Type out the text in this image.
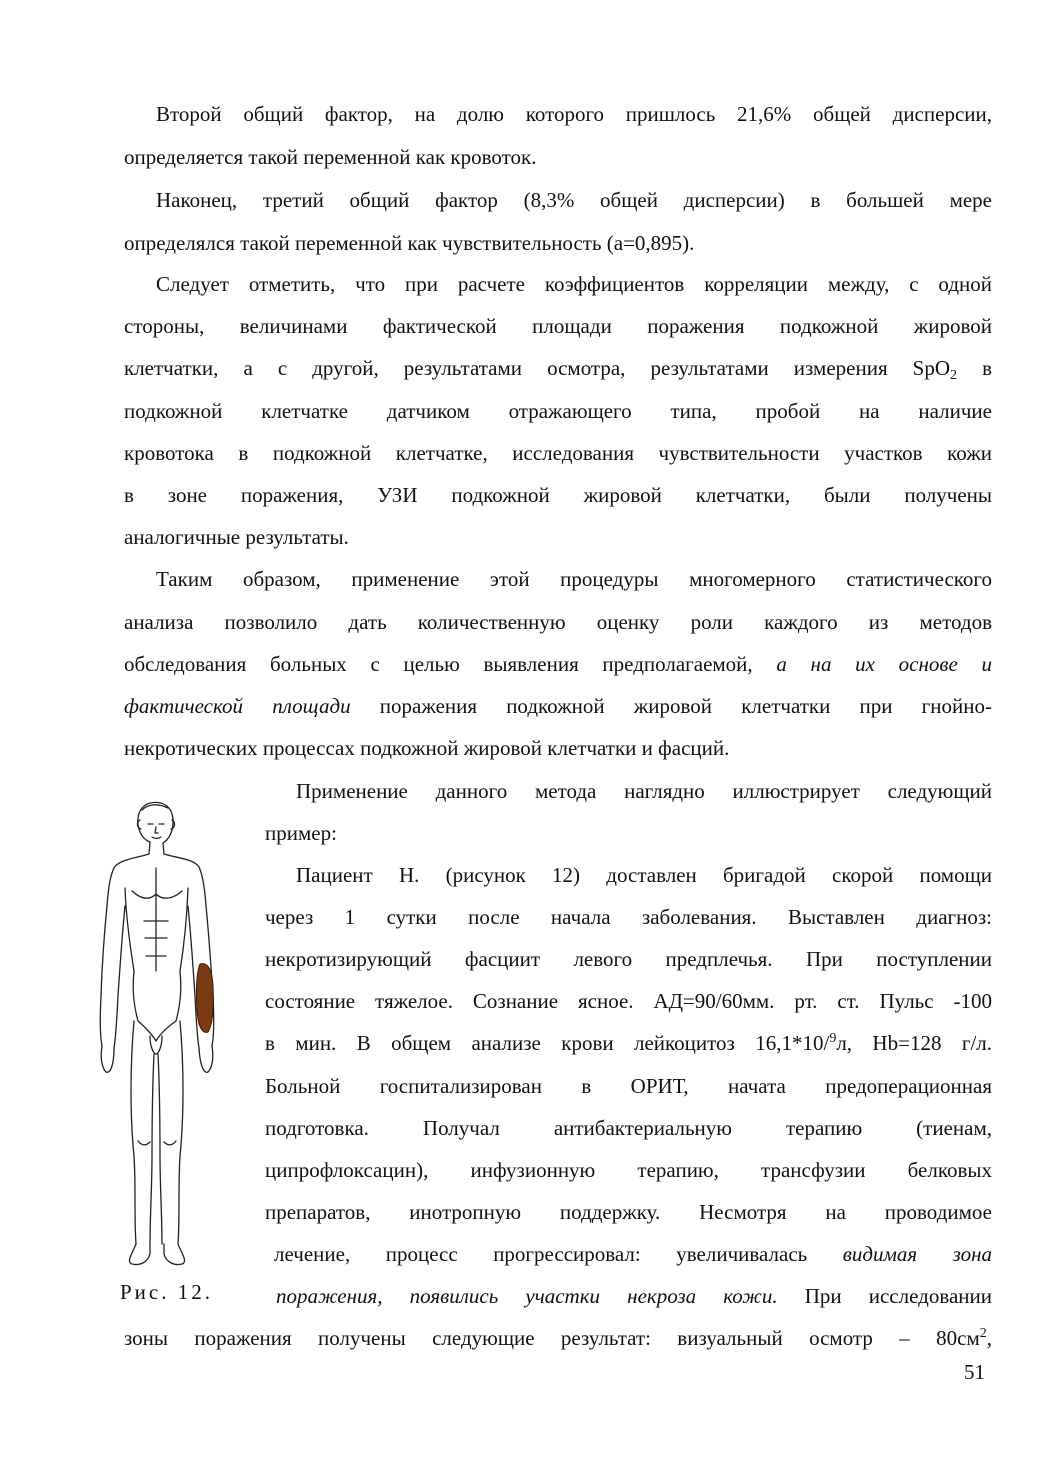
Второй общий фактор, на долю которого пришлось 21,6% общей дисперсии,
определяется такой переменной как кровоток.
Наконец, третий общий фактор (8,3% общей дисперсии) в большей мере
определялся такой переменной как чувствительность (а=0,895).
Следует отметить, что при расчете коэффициентов корреляции между, с одной
стороны, величинами фактической площади поражения подкожной жировой
клетчатки, а с другой, результатами осмотра, результатами измерения SpO$_2$ в
подкожной клетчатке датчиком отражающего типа, пробой на наличие
кровотока в подкожной клетчатке, исследования чувствительности участков кожи
в зоне поражения, УЗИ подкожной жировой клетчатки, были получены
аналогичные результаты.
Таким образом, применение этой процедуры многомерного статистического
анализа позволило дать количественную оценку роли каждого из методов
обследования больных с целью выявления предполагаемой, а на их основе и
фактической площади поражения подкожной жировой клетчатки при гнойно-
некротических процессах подкожной жировой клетчатки и фасций.
Применение данного метода наглядно иллюстрирует следующий
пример:
Пациент Н. (рисунок 12) доставлен бригадой скорой помощи
через 1 сутки после начала заболевания. Выставлен диагноз:
некротизирующий фасциит левого предплечья. При поступлении
состояние тяжелое. Сознание ясное. АД=90/60мм. рт. ст. Пульс -100
в мин. В общем анализе крови лейкоцитоз 16,1*10/$^9$л, Hb=128 г/л.
Больной госпитализирован в ОРИТ, начата предоперационная
подготовка. Получал антибактериальную терапию (тиенам,
ципрофлоксацин), инфузионную терапию, трансфузии белковых
препаратов, инотропную поддержку. Несмотря на проводимое
лечение, процесс прогрессировал: увеличивалась видимая зона
поражения, появились участки некроза кожи. При исследовании
зоны поражения получены следующие результат: визуальный осмотр – $80см^2$,
Рис. 12.
51
